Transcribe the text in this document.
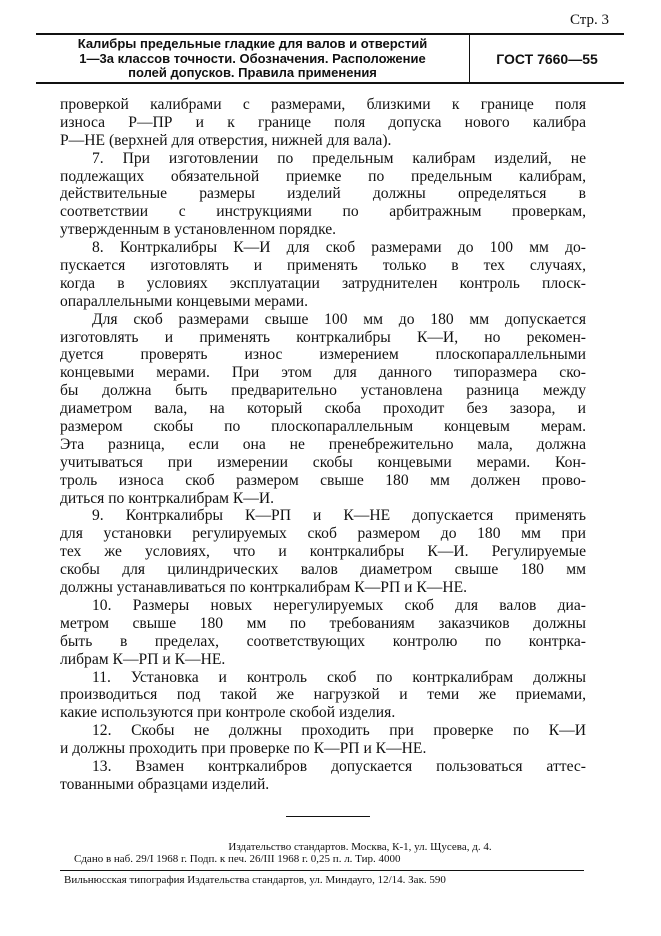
Стр. 3
Калибры предельные гладкие для валов и отверстий
1—3а классов точности. Обозначения. Расположение
полей допусков. Правила применения
ГОСТ 7660—55
проверкой калибрами с размерами, близкими к границе поля
износа Р—ПР и к границе поля допуска нового калибра
Р—НЕ (верхней для отверстия, нижней для вала).
7. При изготовлении по предельным калибрам изделий, не
подлежащих обязательной приемке по предельным калибрам,
действительные размеры изделий должны определяться в
соответствии с инструкциями по арбитражным проверкам,
утвержденным в установленном порядке.
8. Контркалибры К—И для скоб размерами до 100 мм до-
пускается изготовлять и применять только в тех случаях,
когда в условиях эксплуатации затруднителен контроль плоск-
опараллельными концевыми мерами.
Для скоб размерами свыше 100 мм до 180 мм допускается
изготовлять и применять контркалибры К—И, но рекомен-
дуется проверять износ измерением плоскопараллельными
концевыми мерами. При этом для данного типоразмера ско-
бы должна быть предварительно установлена разница между
диаметром вала, на который скоба проходит без зазора, и
размером скобы по плоскопараллельным концевым мерам.
Эта разница, если она не пренебрежительно мала, должна
учитываться при измерении скобы концевыми мерами. Кон-
троль износа скоб размером свыше 180 мм должен прово-
диться по контркалибрам К—И.
9. Контркалибры К—РП и К—НЕ допускается применять
для установки регулируемых скоб размером до 180 мм при
тех же условиях, что и контркалибры К—И. Регулируемые
скобы для цилиндрических валов диаметром свыше 180 мм
должны устанавливаться по контркалибрам К—РП и К—НЕ.
10. Размеры новых нерегулируемых скоб для валов диа-
метром свыше 180 мм по требованиям заказчиков должны
быть в пределах, соответствующих контролю по контрка-
либрам К—РП и К—НЕ.
11. Установка и контроль скоб по контркалибрам должны
производиться под такой же нагрузкой и теми же приемами,
какие используются при контроле скобой изделия.
12. Скобы не должны проходить при проверке по К—И
и должны проходить при проверке по К—РП и К—НЕ.
13. Взамен контркалибров допускается пользоваться аттес-
тованными образцами изделий.
Издательство стандартов. Москва, К-1, ул. Щусева, д. 4.
Сдано в наб. 29/I 1968 г. Подп. к печ. 26/III 1968 г. 0,25 п. л. Тир. 4000
Вильнюсская типография Издательства стандартов, ул. Миндауго, 12/14. Зак. 590
